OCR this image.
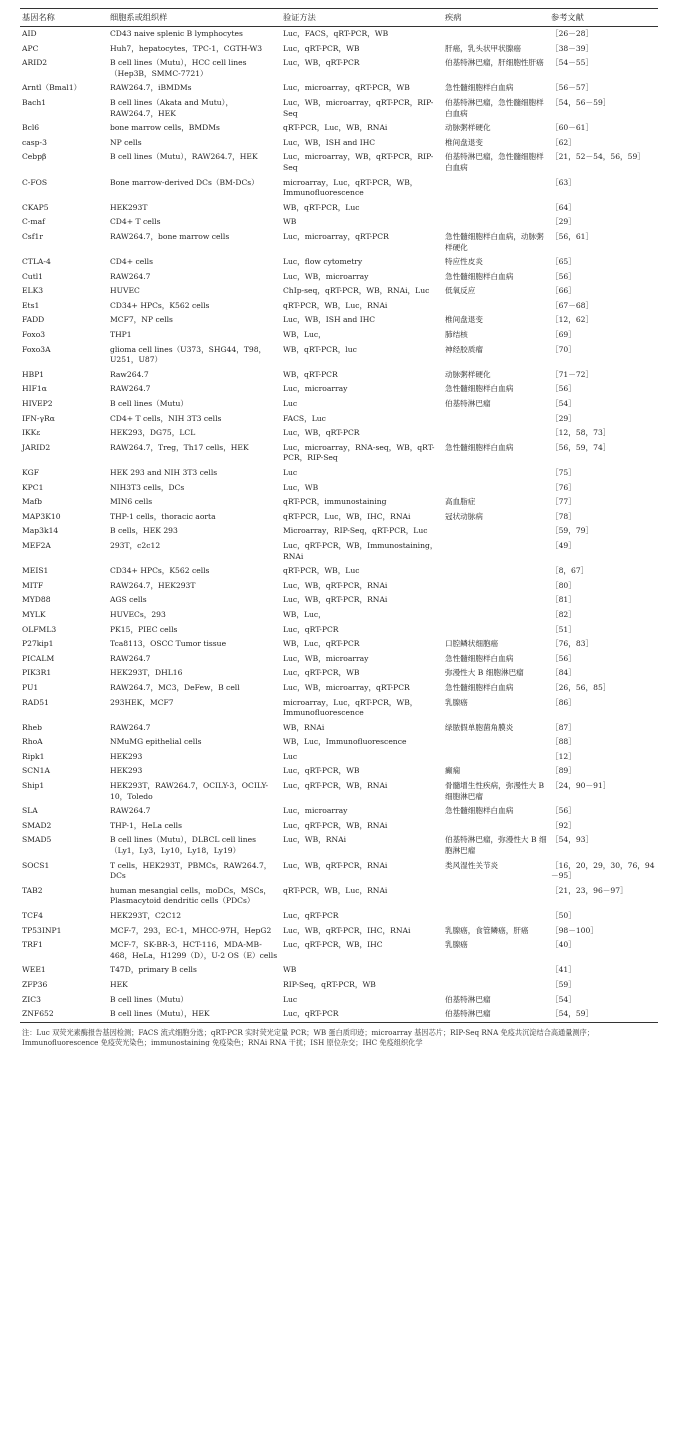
基因名称	细胞系或组织样	验证方法	疾病	参考文献
AID	CD43 naive splenic B lymphocytes	Luc，FACS，qRT-PCR，WB		［26－28］
APC	Huh7，hepatocytes，TPC-1，CGTH-W3	Luc，qRT-PCR，WB	肝癌，乳头状甲状腺癌	［38－39］
ARID2	B cell lines（Mutu），HCC cell lines（Hep3B，SMMC-7721）	Luc，WB，qRT-PCR	伯基特淋巴瘤，肝细胞性肝癌	［54－55］
Arntl（Bmal1）	RAW264.7，iBMDMs	Luc，microarray，qRT-PCR，WB	急性髓细胞样白血病	［56－57］
Bach1	B cell lines（Akata and Mutu），RAW264.7，HEK	Luc，WB，microarray，qRT-PCR，RIP-Seq	伯基特淋巴瘤，急性髓细胞样白血病	［54，56－59］
Bcl6	bone marrow cells，BMDMs	qRT-PCR，Luc，WB，RNAi	动脉粥样硬化	［60－61］
casp-3	NP cells	Luc，WB，ISH and IHC	椎间盘退变	［62］
Cebpβ	B cell lines（Mutu），RAW264.7，HEK	Luc，microarray，WB，qRT-PCR，RIP-Seq	伯基特淋巴瘤，急性髓细胞样白血病	［21，52－54，56，59］
C-FOS	Bone marrow-derived DCs（BM-DCs）	microarray，Luc，qRT-PCR，WB，Immunofluorescence		［63］
CKAP5	HEK293T	WB，qRT-PCR，Luc		［64］
C-maf	CD4+ T cells	WB		［29］
Csf1r	RAW264.7，bone marrow cells	Luc，microarray，qRT-PCR	急性髓细胞样白血病，动脉粥样硬化	［56，61］
CTLA-4	CD4+ cells	Luc，flow cytometry	特应性皮炎	［65］
Cutl1	RAW264.7	Luc，WB，microarray	急性髓细胞样白血病	［56］
ELK3	HUVEC	ChIp-seq，qRT-PCR，WB，RNAi，Luc	低氧反应	［66］
Ets1	CD34+ HPCs，K562 cells	qRT-PCR，WB，Luc，RNAi		［67－68］
FADD	MCF7，NP cells	Luc，WB，ISH and IHC	椎间盘退变	［12，62］
Foxo3	THP1	WB，Luc，	肺结核	［69］
Foxo3A	glioma cell lines（U373，SHG44，T98，U251，U87）	WB，qRT-PCR，luc	神经胶质瘤	［70］
HBP1	Raw264.7	WB，qRT-PCR	动脉粥样硬化	［71－72］
HIF1α	RAW264.7	Luc，microarray	急性髓细胞样白血病	［56］
HIVEP2	B cell lines（Mutu）	Luc	伯基特淋巴瘤	［54］
IFN-γRα	CD4+ T cells，NIH 3T3 cells	FACS，Luc		［29］
IKKε	HEK293，DG75，LCL	Luc，WB，qRT-PCR		［12，58，73］
JARID2	RAW264.7，Treg，Th17 cells，HEK	Luc，microarray，RNA-seq，WB，qRT-PCR，RIP-Seq	急性髓细胞样白血病	［56，59，74］
KGF	HEK 293 and NIH 3T3 cells	Luc		［75］
KPC1	NIH3T3 cells，DCs	Luc，WB		［76］
Mafb	MIN6 cells	qRT-PCR，immunostaining	高血脂症	［77］
MAP3K10	THP-1 cells，thoracic aorta	qRT-PCR，Luc，WB，IHC，RNAi	冠状动脉病	［78］
Map3k14	B cells，HEK 293	Microarray，RIP-Seq，qRT-PCR，Luc		［59，79］
MEF2A	293T，c2c12	Luc，qRT-PCR，WB，Immunostaining，RNAi		［49］
MEIS1	CD34+ HPCs，K562 cells	qRT-PCR，WB，Luc		［8，67］
MITF	RAW264.7，HEK293T	Luc，WB，qRT-PCR，RNAi		［80］
MYD88	AGS cells	Luc，WB，qRT-PCR，RNAi		［81］
MYLK	HUVECs，293	WB，Luc，		［82］
OLFML3	PK15，PIEC cells	Luc，qRT-PCR		［51］
P27kip1	Tca8113，OSCC Tumor tissue	WB，Luc，qRT-PCR	口腔鳞状细胞癌	［76，83］
PICALM	RAW264.7	Luc，WB，microarray	急性髓细胞样白血病	［56］
PIK3R1	HEK293T，DHL16	Luc，qRT-PCR，WB	弥漫性大 B 细胞淋巴瘤	［84］
PU1	RAW264.7，MC3，DeFew，B cell	Luc，WB，microarray，qRT-PCR	急性髓细胞样白血病	［26，56，85］
RAD51	293HEK，MCF7	microarray，Luc，qRT-PCR，WB，Immunofluorescence	乳腺癌	［86］
Rheb	RAW264.7	WB，RNAi	绿脓假单胞菌角膜炎	［87］
RhoA	NMuMG epithelial cells	WB，Luc，Immunofluorescence		［88］
Ripk1	HEK293	Luc		［12］
SCN1A	HEK293	Luc，qRT-PCR，WB	癫痫	［89］
Ship1	HEK293T，RAW264.7，OCILY-3，OCILY-10，Toledo	Luc，qRT-PCR，WB，RNAi	骨髓增生性疾病，弥漫性大 B 细胞淋巴瘤	［24，90－91］
SLA	RAW264.7	Luc，microarray	急性髓细胞样白血病	［56］
SMAD2	THP-1，HeLa cells	Luc，qRT-PCR，WB，RNAi		［92］
SMAD5	B cell lines（Mutu），DLBCL cell lines（Ly1，Ly3，Ly10，Ly18，Ly19）	Luc，WB，RNAi	伯基特淋巴瘤，弥漫性大 B 细胞淋巴瘤	［54，93］
SOCS1	T cells，HEK293T，PBMCs，RAW264.7，DCs	Luc，WB，qRT-PCR，RNAi	类风湿性关节炎	［16，20，29，30，76，94－95］
TAB2	human mesangial cells，moDCs，MSCs，Plasmacytoid dendritic cells（PDCs）	qRT-PCR，WB，Luc，RNAi		［21，23，96－97］
TCF4	HEK293T，C2C12	Luc，qRT-PCR		［50］
TP53INP1	MCF-7，293，EC-1，MHCC-97H，HepG2	Luc，WB，qRT-PCR，IHC，RNAi	乳腺癌，食管鳞癌，肝癌	［98－100］
TRF1	MCF-7，SK-BR-3，HCT-116，MDA-MB-468，HeLa，H1299（D），U-2 OS（E）cells	Luc，qRT-PCR，WB，IHC	乳腺癌	［40］
WEE1	T47D，primary B cells	WB		［41］
ZFP36	HEK	RIP-Seq，qRT-PCR，WB		［59］
ZIC3	B cell lines（Mutu）	Luc	伯基特淋巴瘤	［54］
ZNF652	B cell lines（Mutu），HEK	Luc，qRT-PCR	伯基特淋巴瘤	［54，59］
注：Luc 双荧光素酶报告基因检测；FACS 流式细胞分选；qRT-PCR 实时荧光定量 PCR；WB 蛋白质印迹；microarray 基因芯片；RIP-Seq RNA 免疫共沉淀结合高通量测序；Immunofluorescence 免疫荧光染色；immunostaining 免疫染色；RNAi RNA 干扰；ISH 原位杂交；IHC 免疫组织化学
